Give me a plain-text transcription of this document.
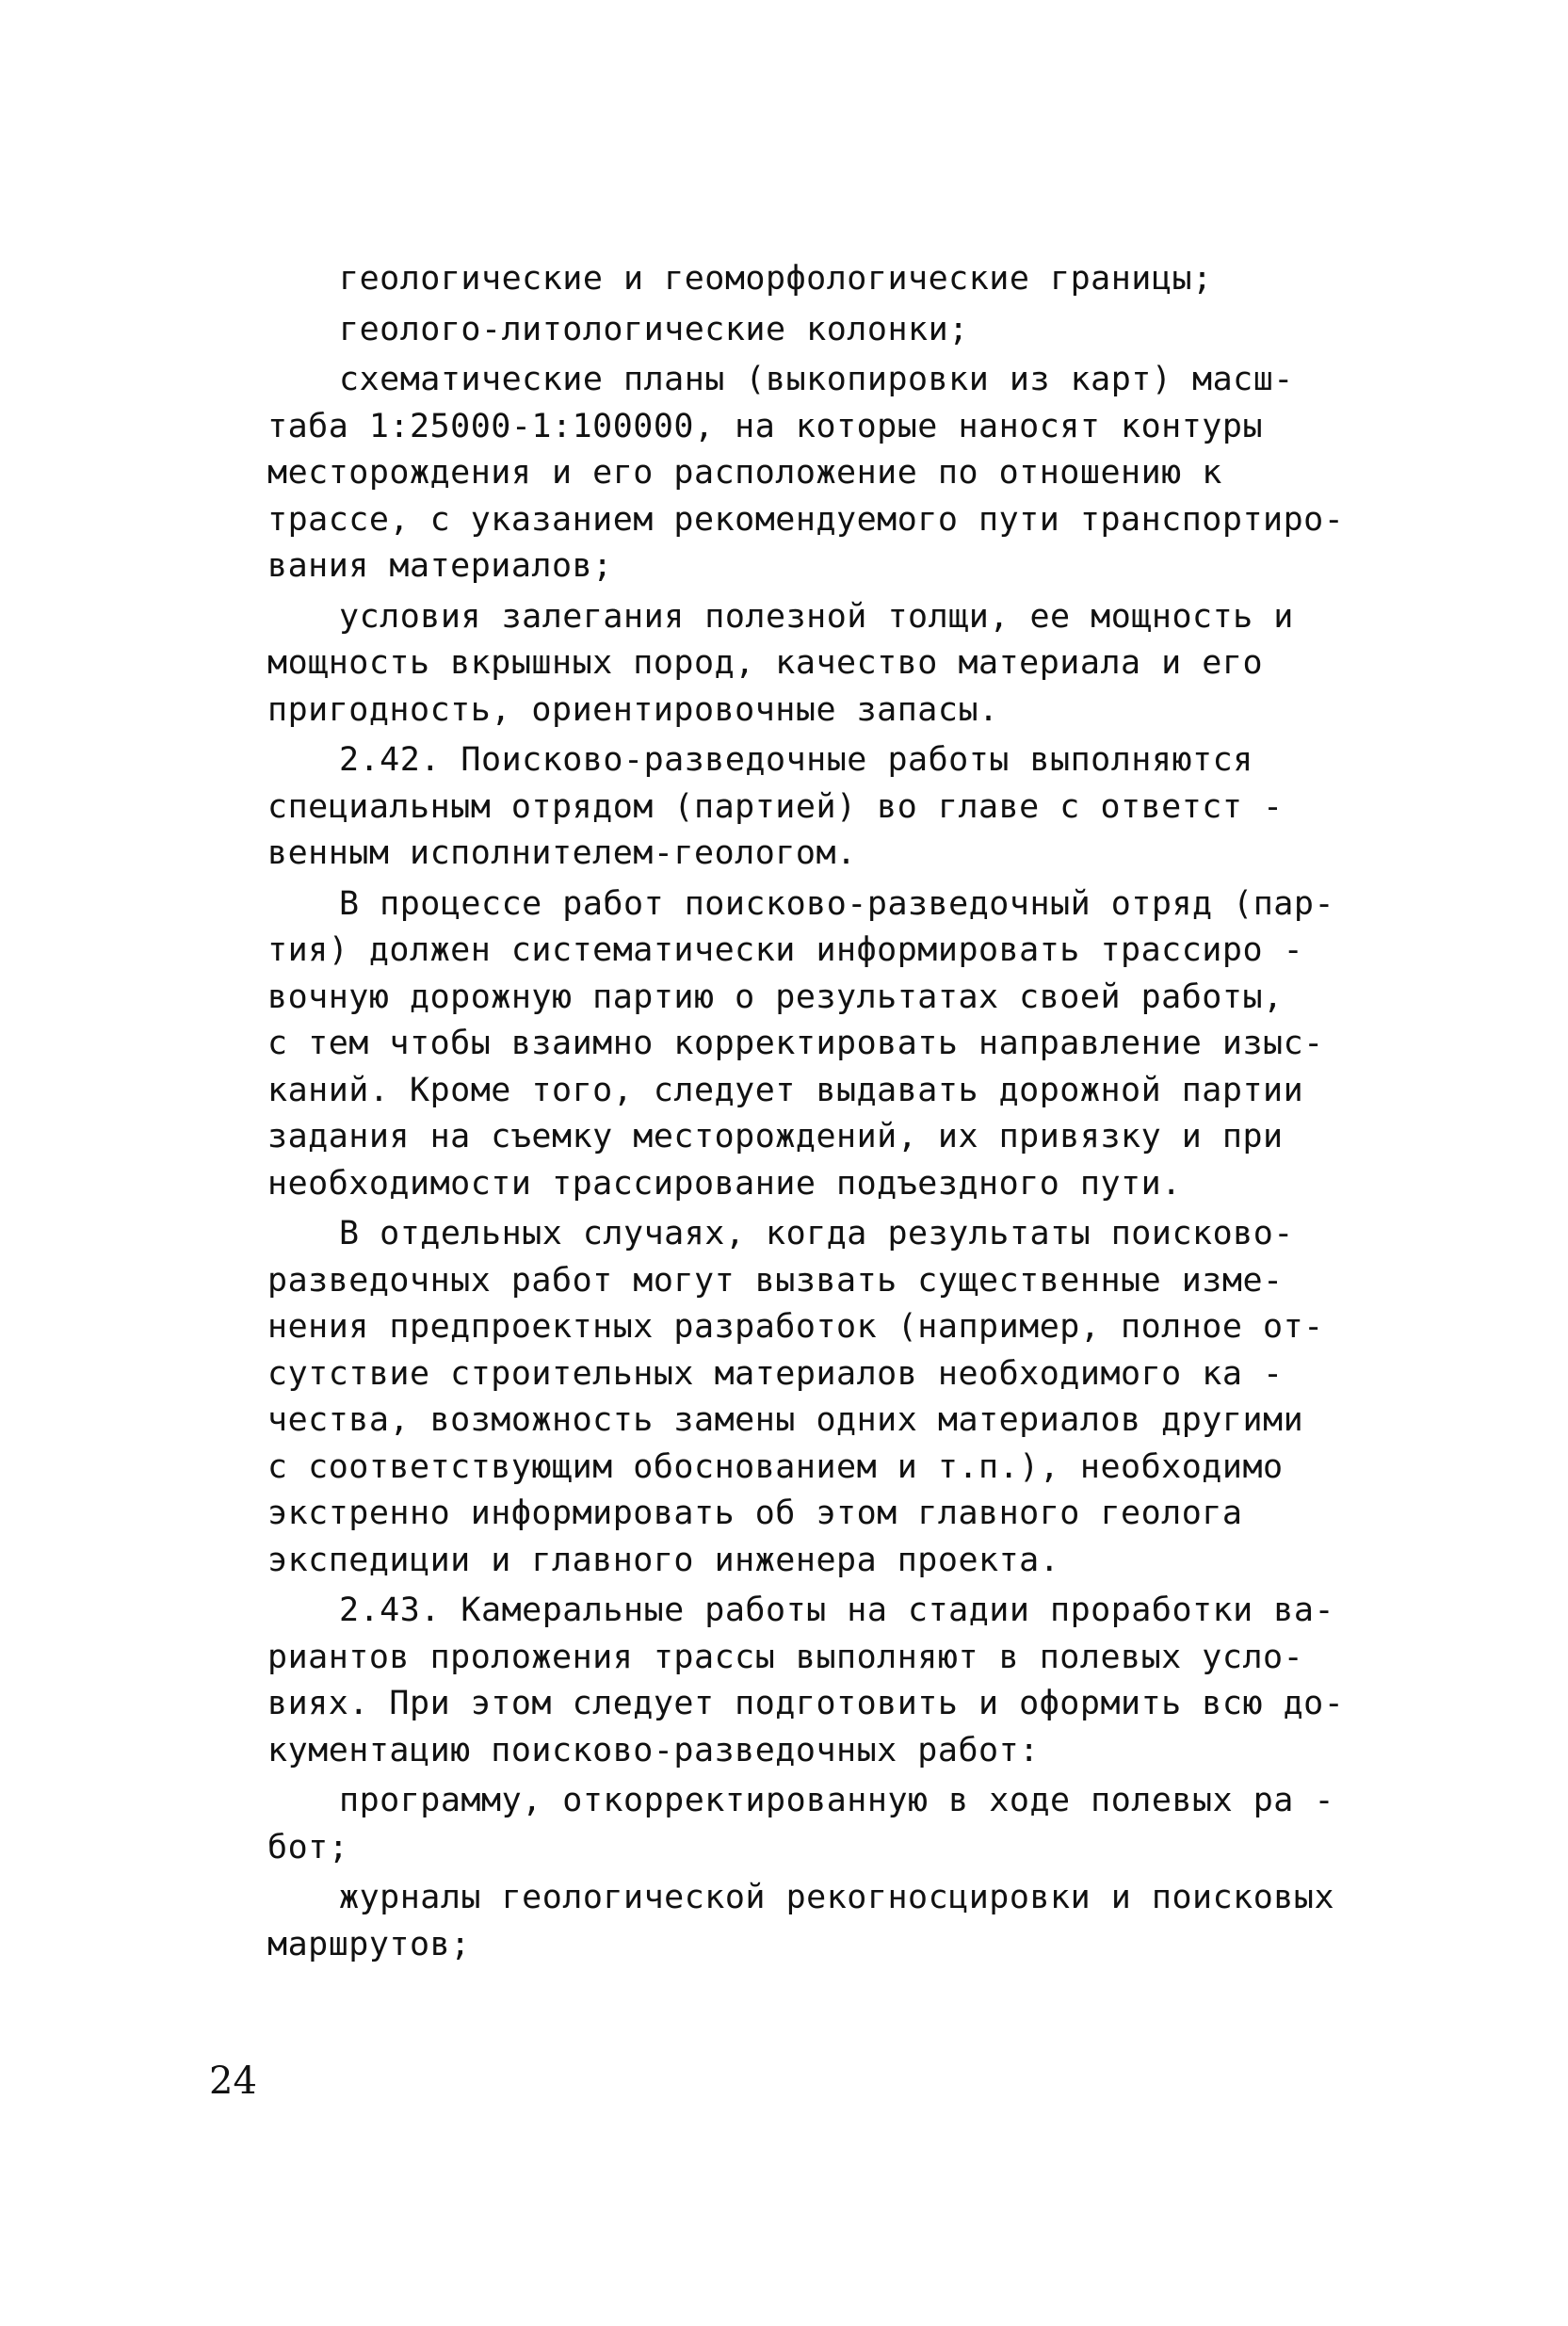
геологические и геоморфологические границы;
геолого-литологические колонки;
схематические планы (выкопировки из карт) масш-
таба 1:25000-1:100000, на которые наносят контуры
месторождения и его расположение по отношению к
трассе, с указанием рекомендуемого пути транспортиро-
вания материалов;
условия залегания полезной толщи, ее мощность и
мощность вкрышных пород, качество материала и его
пригодность, ориентировочные запасы.
2.42. Поисково-разведочные работы выполняются
специальным отрядом (партией) во главе с ответст -
венным исполнителем-геологом.
В процессе работ поисково-разведочный отряд (пар-
тия) должен систематически информировать трассиро -
вочную дорожную партию о результатах своей работы,
с тем чтобы взаимно корректировать направление изыс-
каний. Кроме того, следует выдавать дорожной партии
задания на съемку месторождений, их привязку и при
необходимости трассирование подъездного пути.
В отдельных случаях, когда результаты поисково-
разведочных работ могут вызвать существенные изме-
нения предпроектных разработок (например, полное от-
сутствие строительных материалов необходимого ка -
чества, возможность замены одних материалов другими
с соответствующим обоснованием и т.п.), необходимо
экстренно информировать об этом главного геолога
экспедиции и главного инженера проекта.
2.43. Камеральные работы на стадии проработки ва-
риантов проложения трассы выполняют в полевых усло-
виях. При этом следует подготовить и оформить всю до-
кументацию поисково-разведочных работ:
программу, откорректированную в ходе полевых ра -
бот;
журналы геологической рекогносцировки и поисковых
маршрутов;
24
